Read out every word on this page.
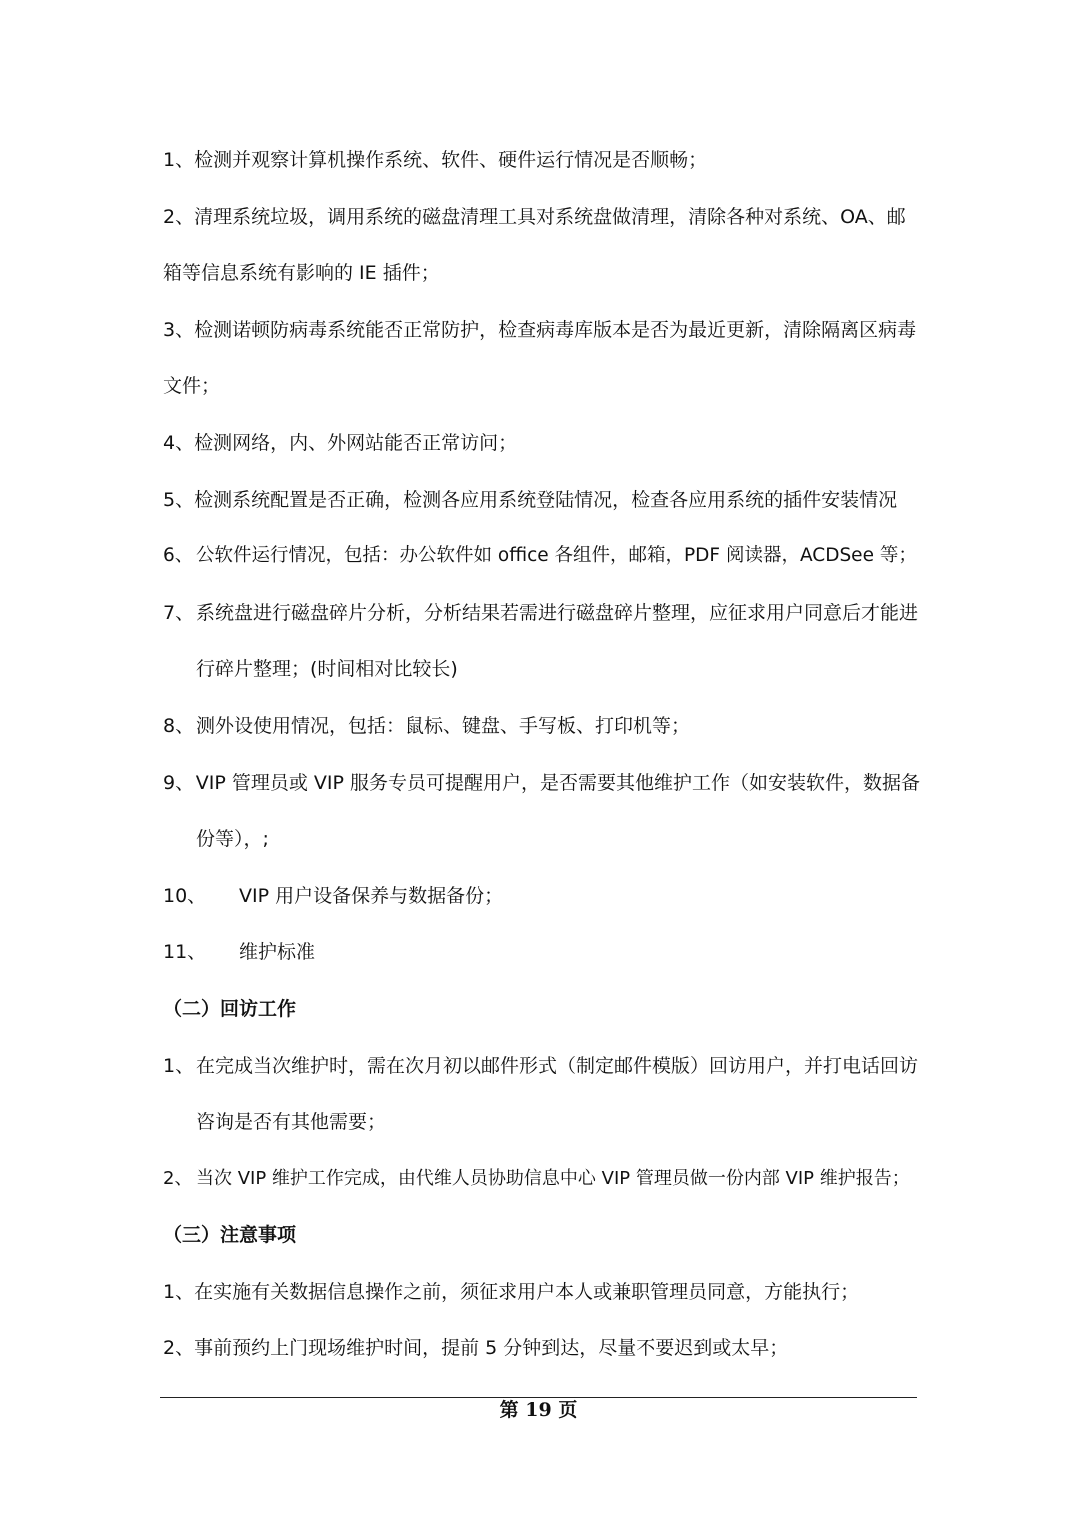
1、 检测并观察计算机操作系统、软件、硬件运行情况是否顺畅；
2、 清理系统垃圾，调用系统的磁盘清理工具对系统盘做清理，清除各种对系统、OA、邮
箱等信息系统有影响的 IE 插件；
3、 检测诺顿防病毒系统能否正常防护，检查病毒库版本是否为最近更新，清除隔离区病毒
文件；
4、 检测网络，内、外网站能否正常访问；
5、 检测系统配置是否正确，检测各应用系统登陆情况，检查各应用系统的插件安装情况
6、 公软件运行情况，包括：办公软件如 office 各组件，邮箱，PDF 阅读器，ACDSee 等；
7、 系统盘进行磁盘碎片分析，分析结果若需进行磁盘碎片整理，应征求用户同意后才能进
行碎片整理；(时间相对比较长)
8、 测外设使用情况，包括：鼠标、键盘、手写板、打印机等；
9、 VIP 管理员或 VIP 服务专员可提醒用户，是否需要其他维护工作（如安装软件，数据备
份等），;
10、	VIP 用户设备保养与数据备份；
11、	维护标准
（二）回访工作
1、 在完成当次维护时，需在次月初以邮件形式（制定邮件模版）回访用户，并打电话回访
咨询是否有其他需要；
2、 当次 VIP 维护工作完成，由代维人员协助信息中心 VIP 管理员做一份内部 VIP 维护报告；
（三）注意事项
1、 在实施有关数据信息操作之前，须征求用户本人或兼职管理员同意，方能执行；
2、 事前预约上门现场维护时间，提前 5 分钟到达，尽量不要迟到或太早；
第 19 页
